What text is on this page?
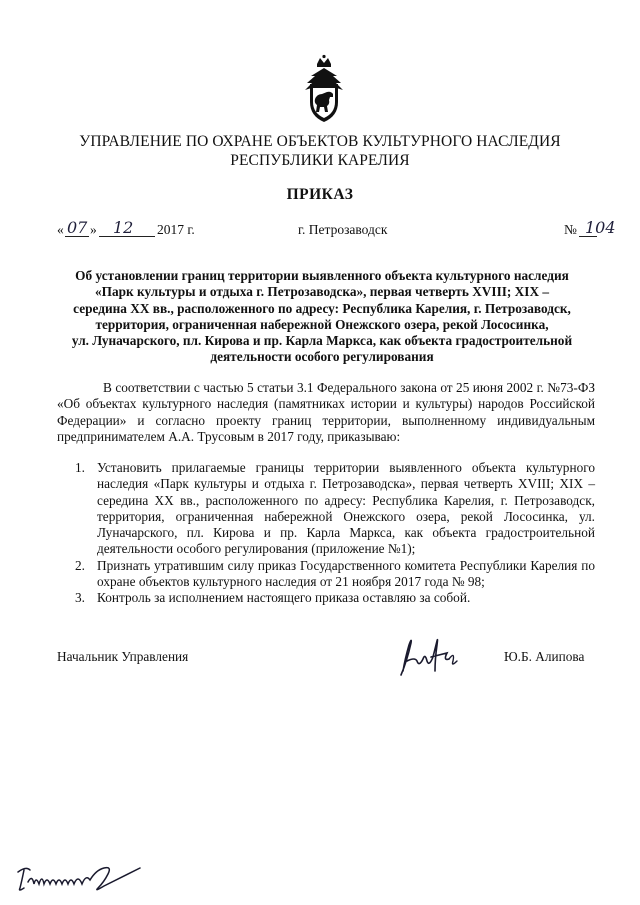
УПРАВЛЕНИЕ ПО ОХРАНЕ ОБЪЕКТОВ КУЛЬТУРНОГО НАСЛЕДИЯ
РЕСПУБЛИКИ КАРЕЛИЯ
ПРИКАЗ
« 07 » 12 2017 г.	г. Петрозаводск	№ 104
Об установлении границ территории выявленного объекта культурного наследия
«Парк культуры и отдыха г. Петрозаводска», первая четверть XVIII; XIX –
середина XX вв., расположенного по адресу: Республика Карелия, г. Петрозаводск,
территория, ограниченная набережной Онежского озера, рекой Лососинка,
ул. Луначарского, пл. Кирова и пр. Карла Маркса, как объекта градостроительной
деятельности особого регулирования
В соответствии с частью 5 статьи 3.1 Федерального закона от 25 июня 2002 г. №73-ФЗ «Об объектах культурного наследия (памятниках истории и культуры) народов Российской Федерации» и согласно проекту границ территории, выполненному индивидуальным предпринимателем А.А. Трусовым в 2017 году, приказываю:
1. Установить прилагаемые границы территории выявленного объекта культурного наследия «Парк культуры и отдыха г. Петрозаводска», первая четверть XVIII; XIX – середина XX вв., расположенного по адресу: Республика Карелия, г. Петрозаводск, территория, ограниченная набережной Онежского озера, рекой Лососинка, ул. Луначарского, пл. Кирова и пр. Карла Маркса, как объекта градостроительной деятельности особого регулирования (приложение №1);
2. Признать утратившим силу приказ Государственного комитета Республики Карелия по охране объектов культурного наследия от 21 ноября 2017 года № 98;
3. Контроль за исполнением настоящего приказа оставляю за собой.
Начальник Управления	Ю.Б. Алипова
